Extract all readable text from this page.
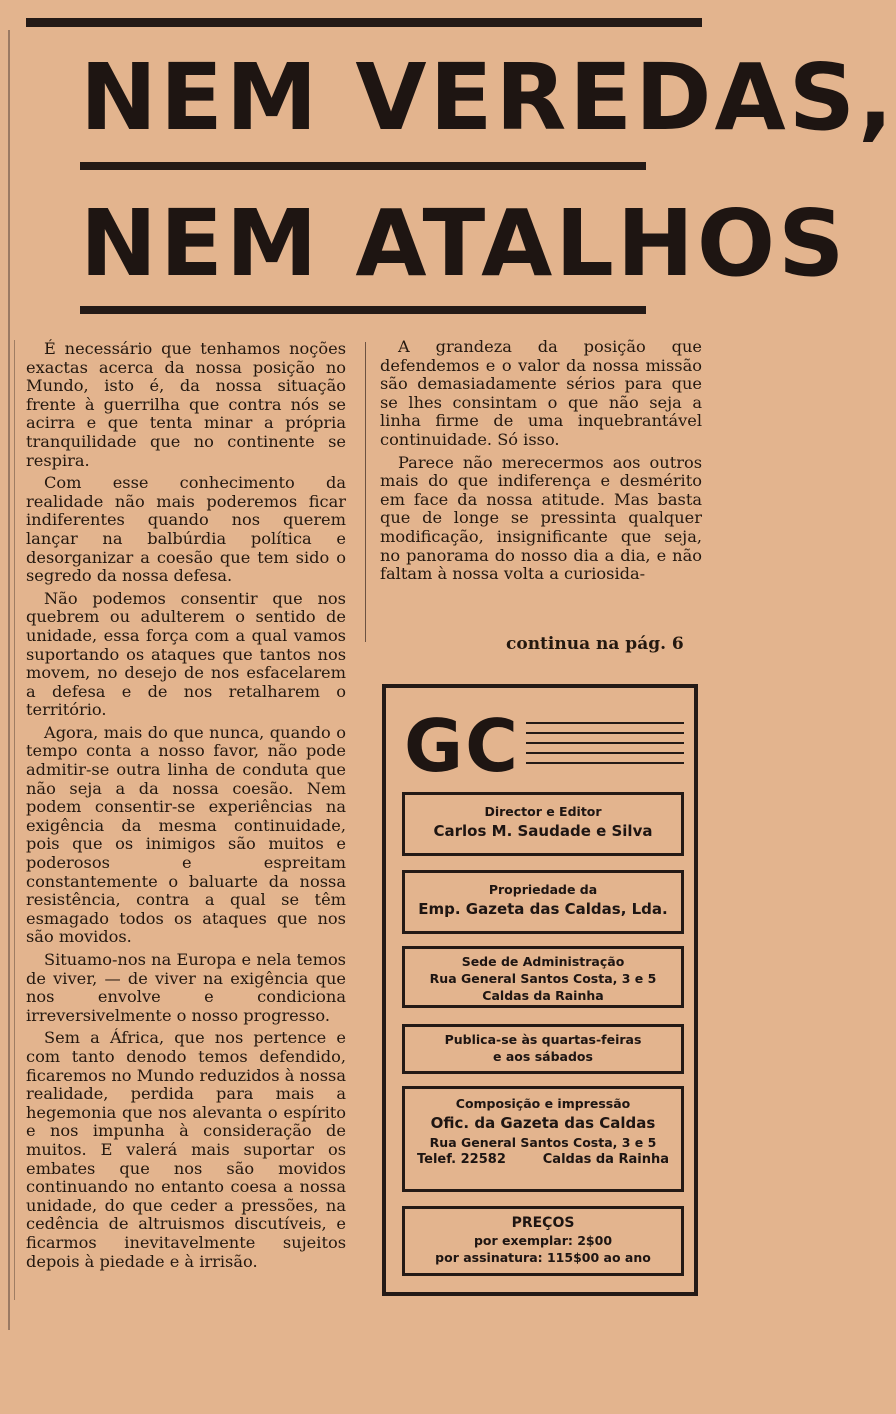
NEM VEREDAS,
NEM ATALHOS

É necessário que tenhamos noções exactas acerca da nossa posição no Mundo, isto é, da nossa situação frente à guerrilha que contra nós se acirra e que tenta minar a própria tranquilidade que no continente se respira.

Com esse conhecimento da realidade não mais poderemos ficar indiferentes quando nos querem lançar na balbúrdia política e desorganizar a coesão que tem sido o segredo da nossa defesa.

Não podemos consentir que nos quebrem ou adulterem o sentido de unidade, essa força com a qual vamos suportando os ataques que tantos nos movem, no desejo de nos esfacelarem a defesa e de nos retalharem o território.

Agora, mais do que nunca, quando o tempo conta a nosso favor, não pode admitir-se outra linha de conduta que não seja a da nossa coesão. Nem podem consentir-se experiências na exigência da mesma continuidade, pois que os inimigos são muitos e poderosos e espreitam constantemente o baluarte da nossa resistência, contra a qual se têm esmagado todos os ataques que nos são movidos.

Situamo-nos na Europa e nela temos de viver, — de viver na exigência que nos envolve e condiciona irreversivelmente o nosso progresso.

Sem a África, que nos pertence e com tanto denodo temos defendido, ficaremos no Mundo reduzidos à nossa realidade, perdida para mais a hegemonia que nos alevanta o espírito e nos impunha à consideração de muitos. E valerá mais suportar os embates que nos são movidos continuando no entanto coesa a nossa unidade, do que ceder a pressões, na cedência de altruismos discutíveis, e ficarmos inevitavelmente sujeitos depois à piedade e à irrisão.

A grandeza da posição que defendemos e o valor da nossa missão são demasiadamente sérios para que se lhes consintam o que não seja a linha firme de uma inquebrantável continuidade. Só isso.

Parece não merecermos aos outros mais do que indiferença e desmérito em face da nossa atitude. Mas basta que de longe se pressinta qualquer modificação, insignificante que seja, no panorama do nosso dia a dia, e não faltam à nossa volta a curiosida-

continua na pág. 6
GC
Director e Editor
Carlos M. Saudade e Silva
Propriedade da
Emp. Gazeta das Caldas, Lda.
Sede de Administração
Rua General Santos Costa, 3 e 5
Caldas da Rainha
Publica-se às quartas-feiras
e aos sábados
Composição e impressão
Ofic. da Gazeta das Caldas
Rua General Santos Costa, 3 e 5
Telef. 22582	Caldas da Rainha
PREÇOS
por exemplar: 2$00
por assinatura: 115$00 ao ano
